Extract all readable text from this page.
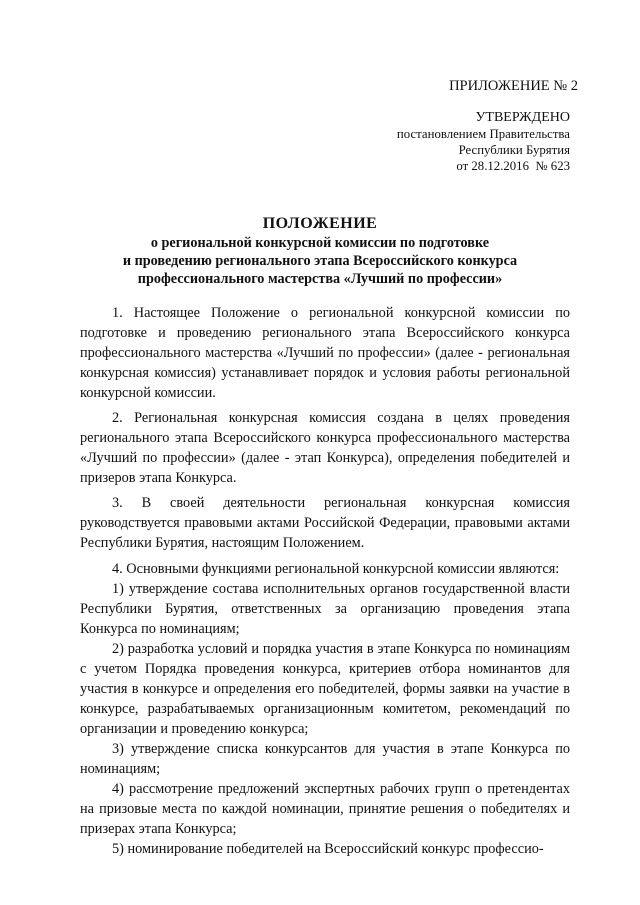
ПРИЛОЖЕНИЕ № 2
УТВЕРЖДЕНО
постановлением Правительства
Республики Бурятия
от 28.12.2016  № 623
ПОЛОЖЕНИЕ
о региональной конкурсной комиссии по подготовке
и проведению регионального этапа Всероссийского конкурса
профессионального мастерства «Лучший по профессии»

1. Настоящее Положение о региональной конкурсной комиссии по подготовке и проведению регионального этапа Всероссийского конкурса профессионального мастерства «Лучший по профессии» (далее - региональная конкурсная комиссия) устанавливает порядок и условия работы региональной конкурсной комиссии.

2. Региональная конкурсная комиссия создана в целях проведения регионального этапа Всероссийского конкурса профессионального мастерства «Лучший по профессии» (далее - этап Конкурса), определения победителей и призеров этапа Конкурса.

3. В своей деятельности региональная конкурсная комиссия руководствуется правовыми актами Российской Федерации, правовыми актами Республики Бурятия, настоящим Положением.

4. Основными функциями региональной конкурсной комиссии являются:

1) утверждение состава исполнительных органов государственной власти Республики Бурятия, ответственных за организацию проведения этапа Конкурса по номинациям;

2) разработка условий и порядка участия в этапе Конкурса по номинациям с учетом Порядка проведения конкурса, критериев отбора номинантов для участия в конкурсе и определения его победителей, формы заявки на участие в конкурсе, разрабатываемых организационным комитетом, рекомендаций по организации и проведению конкурса;

3) утверждение списка конкурсантов для участия в этапе Конкурса по номинациям;

4) рассмотрение предложений экспертных рабочих групп о претендентах на призовые места по каждой номинации, принятие решения о победителях и призерах этапа Конкурса;

5) номинирование победителей на Всероссийский конкурс профессио-
